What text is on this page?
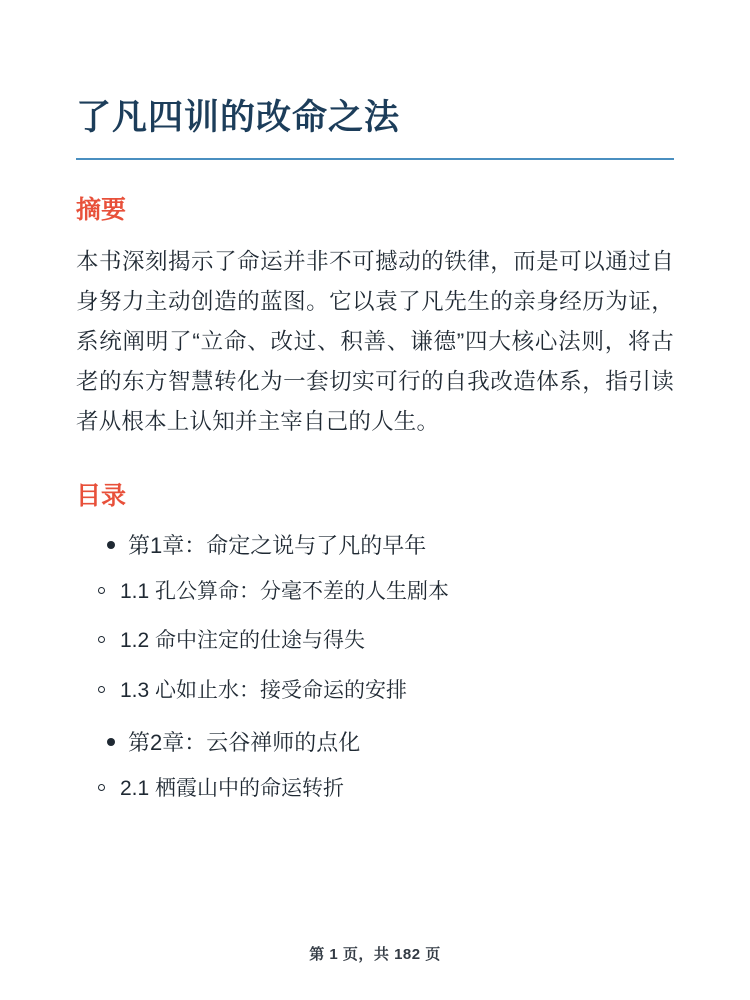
了凡四训的改命之法
摘要

本书深刻揭示了命运并非不可撼动的铁律，而是可以通过自身努力主动创造的蓝图。它以袁了凡先生的亲身经历为证，系统阐明了“立命、改过、积善、谦德”四大核心法则，将古老的东方智慧转化为一套切实可行的自我改造体系，指引读者从根本上认知并主宰自己的人生。

目录
第1章：命定之说与了凡的早年
1.1 孔公算命：分毫不差的人生剧本
1.2 命中注定的仕途与得失
1.3 心如止水：接受命运的安排
第2章：云谷禅师的点化
2.1 栖霞山中的命运转折
第 1 页，共 182 页
